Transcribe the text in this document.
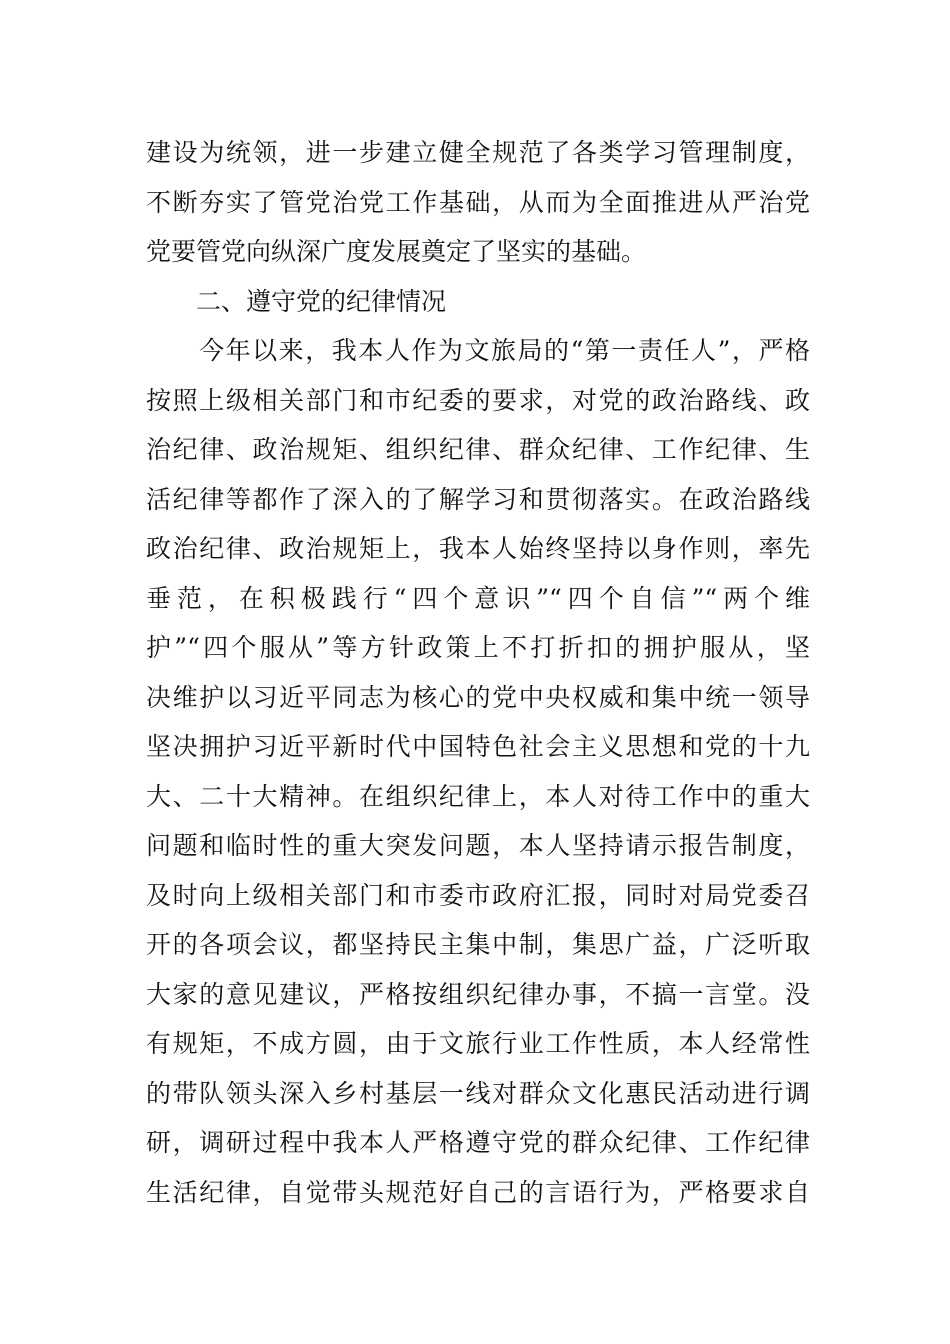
建设为统领，进一步建立健全规范了各类学习管理制度，
不断夯实了管党治党工作基础，从而为全面推进从严治党
党要管党向纵深广度发展奠定了坚实的基础。
　　二、遵守党的纪律情况
　　今年以来，我本人作为文旅局的“第一责任人”，严格
按照上级相关部门和市纪委的要求，对党的政治路线、政
治纪律、政治规矩、组织纪律、群众纪律、工作纪律、生
活纪律等都作了深入的了解学习和贯彻落实。在政治路线
政治纪律、政治规矩上，我本人始终坚持以身作则，率先
垂范，在积极践行“四个意识”“四个自信”“两个维
护”“四个服从”等方针政策上不打折扣的拥护服从，坚
决维护以习近平同志为核心的党中央权威和集中统一领导
坚决拥护习近平新时代中国特色社会主义思想和党的十九
大、二十大精神。在组织纪律上，本人对待工作中的重大
问题和临时性的重大突发问题，本人坚持请示报告制度，
及时向上级相关部门和市委市政府汇报，同时对局党委召
开的各项会议，都坚持民主集中制，集思广益，广泛听取
大家的意见建议，严格按组织纪律办事，不搞一言堂。没
有规矩，不成方圆，由于文旅行业工作性质，本人经常性
的带队领头深入乡村基层一线对群众文化惠民活动进行调
研，调研过程中我本人严格遵守党的群众纪律、工作纪律
生活纪律，自觉带头规范好自己的言语行为，严格要求自
